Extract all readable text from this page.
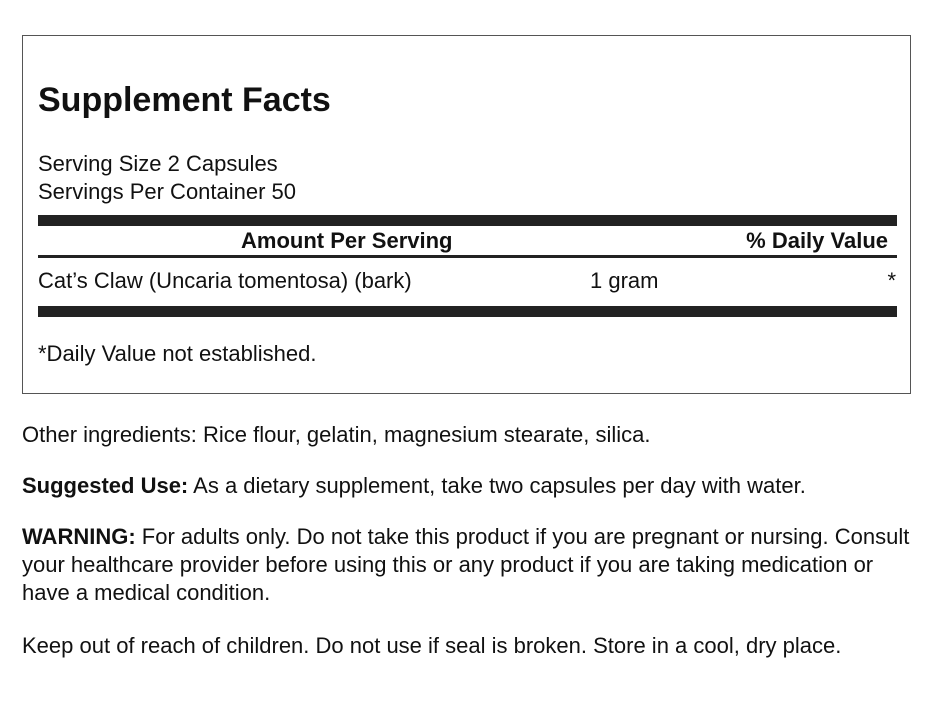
Supplement Facts
Serving Size 2 Capsules
Servings Per Container 50
Amount Per Serving	% Daily Value
Cat’s Claw (Uncaria tomentosa) (bark)	1 gram	*
*Daily Value not established.

Other ingredients: Rice flour, gelatin, magnesium stearate, silica.

Suggested Use: As a dietary supplement, take two capsules per day with water.

WARNING: For adults only. Do not take this product if you are pregnant or nursing. Consult your healthcare provider before using this or any product if you are taking medication or have a medical condition.

Keep out of reach of children. Do not use if seal is broken. Store in a cool, dry place.
